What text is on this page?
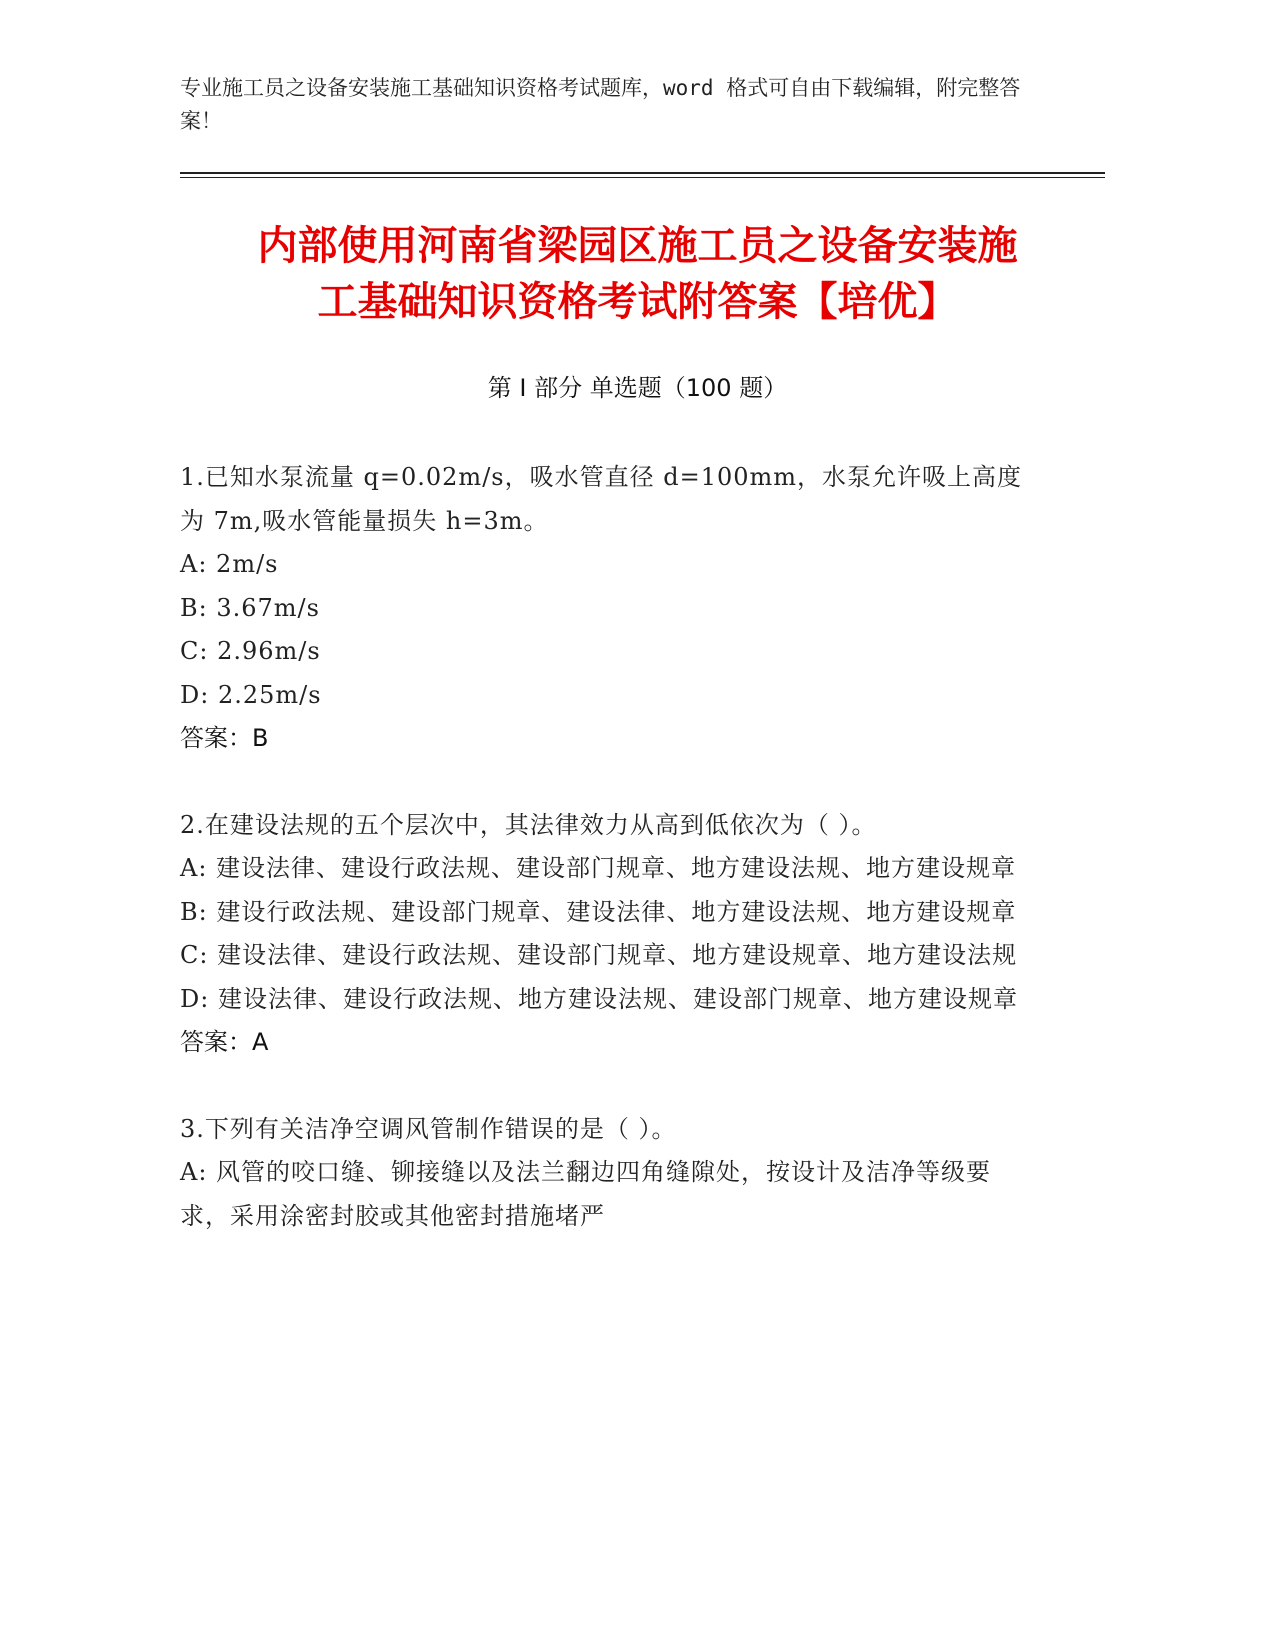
专业施工员之设备安装施工基础知识资格考试题库，word 格式可自由下载编辑，附完整答案！
内部使用河南省梁园区施工员之设备安装施
工基础知识资格考试附答案【培优】
第 I 部分 单选题（100 题）
1.已知水泵流量 q=0.02m/s，吸水管直径 d=100mm，水泵允许吸上高度为 7m,吸水管能量损失 h=3m。
A: 2m/s
B: 3.67m/s
C: 2.96m/s
D: 2.25m/s
答案：B
2.在建设法规的五个层次中，其法律效力从高到低依次为（ ）。
A: 建设法律、建设行政法规、建设部门规章、地方建设法规、地方建设规章
B: 建设行政法规、建设部门规章、建设法律、地方建设法规、地方建设规章
C: 建设法律、建设行政法规、建设部门规章、地方建设规章、地方建设法规
D: 建设法律、建设行政法规、地方建设法规、建设部门规章、地方建设规章
答案：A
3.下列有关洁净空调风管制作错误的是（ ）。
A: 风管的咬口缝、铆接缝以及法兰翻边四角缝隙处，按设计及洁净等级要求，采用涂密封胶或其他密封措施堵严
